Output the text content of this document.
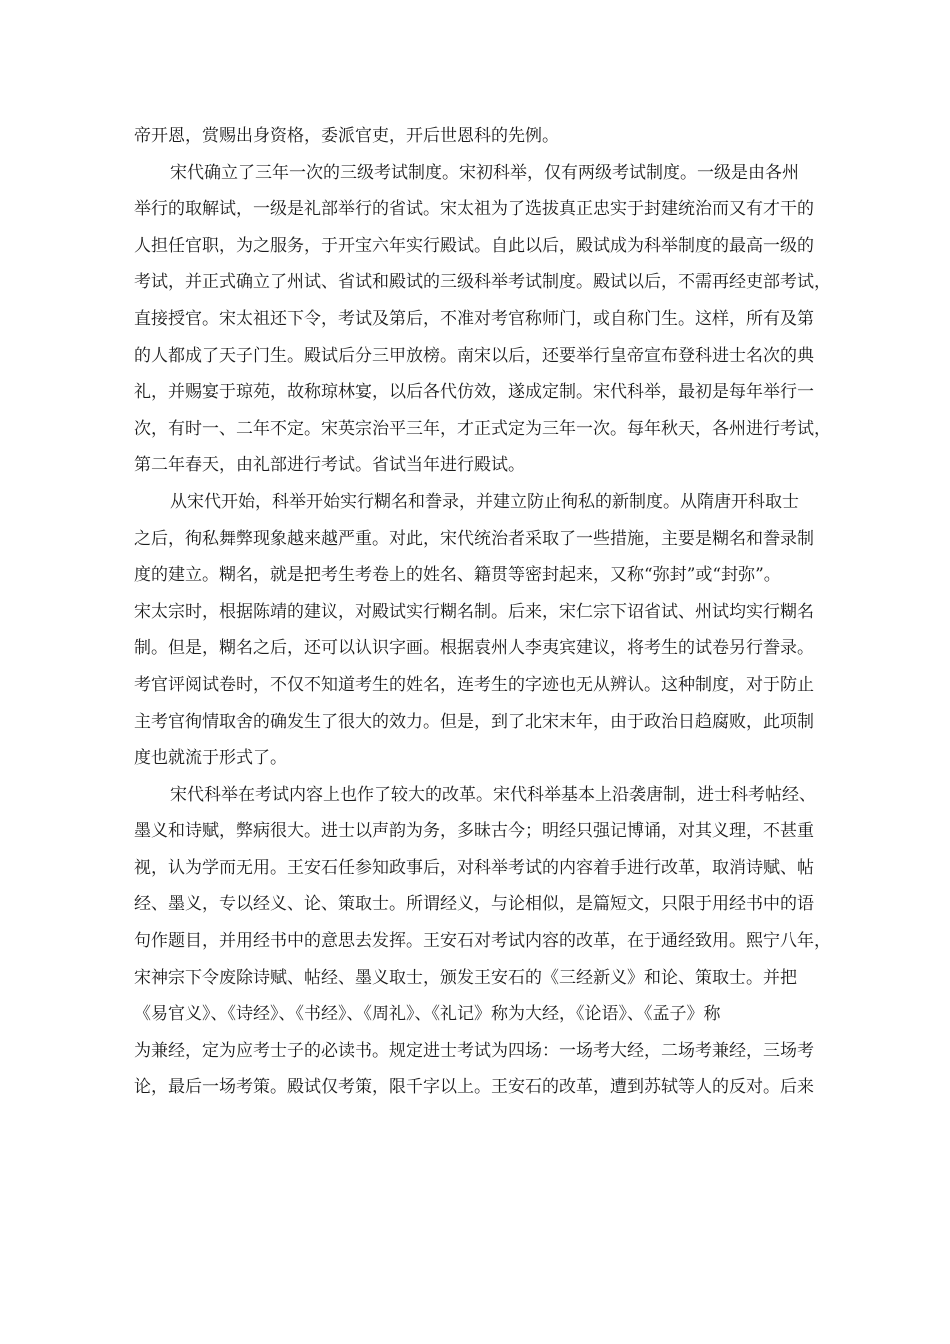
帝开恩，赏赐出身资格，委派官吏，开后世恩科的先例。
宋代确立了三年一次的三级考试制度。宋初科举，仅有两级考试制度。一级是由各州
举行的取解试，一级是礼部举行的省试。宋太祖为了选拔真正忠实于封建统治而又有才干的
人担任官职，为之服务，于开宝六年实行殿试。自此以后，殿试成为科举制度的最高一级的
考试，并正式确立了州试、省试和殿试的三级科举考试制度。殿试以后，不需再经吏部考试，
直接授官。宋太祖还下令，考试及第后，不准对考官称师门，或自称门生。这样，所有及第
的人都成了天子门生。殿试后分三甲放榜。南宋以后，还要举行皇帝宣布登科进士名次的典
礼，并赐宴于琼苑，故称琼林宴，以后各代仿效，遂成定制。宋代科举，最初是每年举行一
次，有时一、二年不定。宋英宗治平三年，才正式定为三年一次。每年秋天，各州进行考试，
第二年春天，由礼部进行考试。省试当年进行殿试。
从宋代开始，科举开始实行糊名和誊录，并建立防止徇私的新制度。从隋唐开科取士
之后，徇私舞弊现象越来越严重。对此，宋代统治者采取了一些措施，主要是糊名和誊录制
度的建立。糊名，就是把考生考卷上的姓名、籍贯等密封起来，又称“弥封”或“封弥”。
宋太宗时，根据陈靖的建议，对殿试实行糊名制。后来，宋仁宗下诏省试、州试均实行糊名
制。但是，糊名之后，还可以认识字画。根据袁州人李夷宾建议，将考生的试卷另行誊录。
考官评阅试卷时，不仅不知道考生的姓名，连考生的字迹也无从辨认。这种制度，对于防止
主考官徇情取舍的确发生了很大的效力。但是，到了北宋末年，由于政治日趋腐败，此项制
度也就流于形式了。
宋代科举在考试内容上也作了较大的改革。宋代科举基本上沿袭唐制，进士科考帖经、
墨义和诗赋，弊病很大。进士以声韵为务，多昧古今；明经只强记博诵，对其义理，不甚重
视，认为学而无用。王安石任参知政事后，对科举考试的内容着手进行改革，取消诗赋、帖
经、墨义，专以经义、论、策取士。所谓经义，与论相似，是篇短文，只限于用经书中的语
句作题目，并用经书中的意思去发挥。王安石对考试内容的改革，在于通经致用。熙宁八年，
宋神宗下令废除诗赋、帖经、墨义取士，颁发王安石的《三经新义》和论、策取士。并把
《易官义》、《诗经》、《书经》、《周礼》、《礼记》称为大经，《论语》、《孟子》称
为兼经，定为应考士子的必读书。规定进士考试为四场：一场考大经，二场考兼经，三场考
论，最后一场考策。殿试仅考策，限千字以上。王安石的改革，遭到苏轼等人的反对。后来
